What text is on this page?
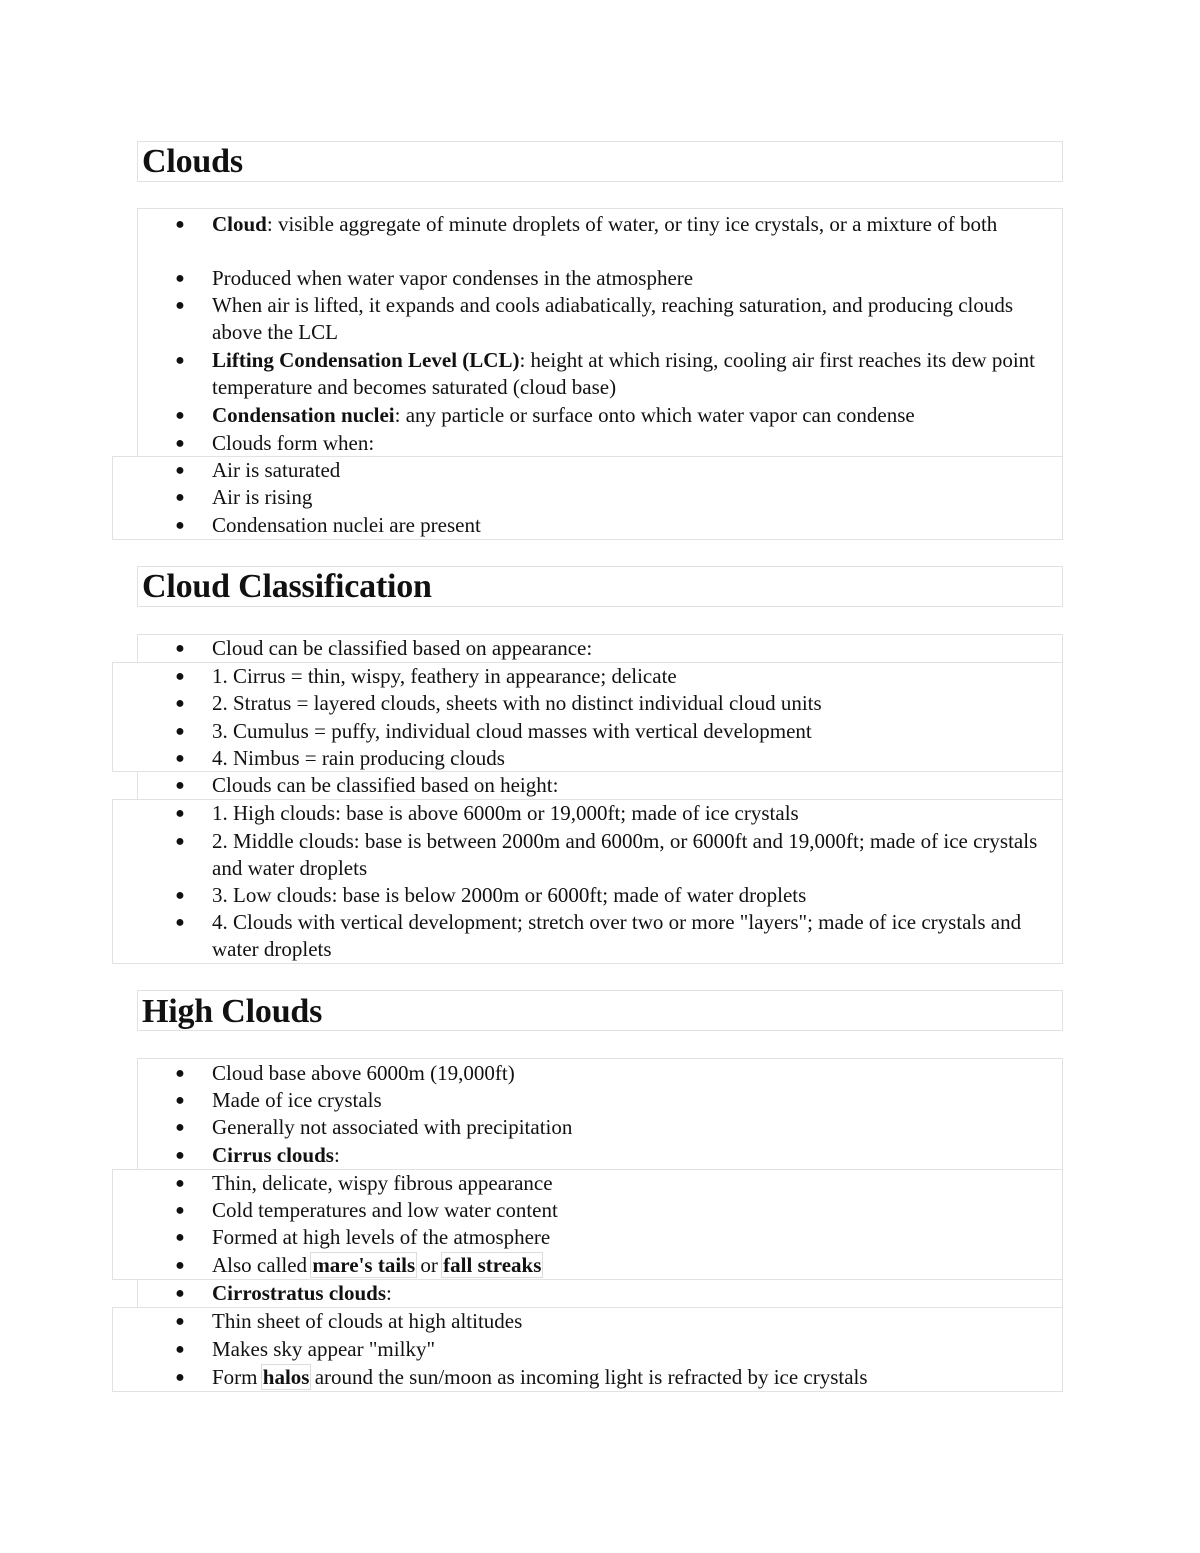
Clouds
● Cloud: visible aggregate of minute droplets of water, or tiny ice crystals, or a mixture of both

● Produced when water vapor condenses in the atmosphere

● When air is lifted, it expands and cools adiabatically, reaching saturation, and producing clouds above the LCL

● Lifting Condensation Level (LCL): height at which rising, cooling air first reaches its dew point temperature and becomes saturated (cloud base)

● Condensation nuclei: any particle or surface onto which water vapor can condense

● Clouds form when:

● Air is saturated

● Air is rising

● Condensation nuclei are present

Cloud Classification
● Cloud can be classified based on appearance:

● 1. Cirrus = thin, wispy, feathery in appearance; delicate

● 2. Stratus = layered clouds, sheets with no distinct individual cloud units

● 3. Cumulus = puffy, individual cloud masses with vertical development

● 4. Nimbus = rain producing clouds

● Clouds can be classified based on height:

● 1. High clouds: base is above 6000m or 19,000ft; made of ice crystals

● 2. Middle clouds: base is between 2000m and 6000m, or 6000ft and 19,000ft; made of ice crystals and water droplets

● 3. Low clouds: base is below 2000m or 6000ft; made of water droplets

● 4. Clouds with vertical development; stretch over two or more "layers"; made of ice crystals and water droplets

High Clouds
● Cloud base above 6000m (19,000ft)

● Made of ice crystals

● Generally not associated with precipitation

● Cirrus clouds:

● Thin, delicate, wispy fibrous appearance

● Cold temperatures and low water content

● Formed at high levels of the atmosphere

● Also called mare's tails or fall streaks

● Cirrostratus clouds:

● Thin sheet of clouds at high altitudes

● Makes sky appear "milky"

● Form halos around the sun/moon as incoming light is refracted by ice crystals
